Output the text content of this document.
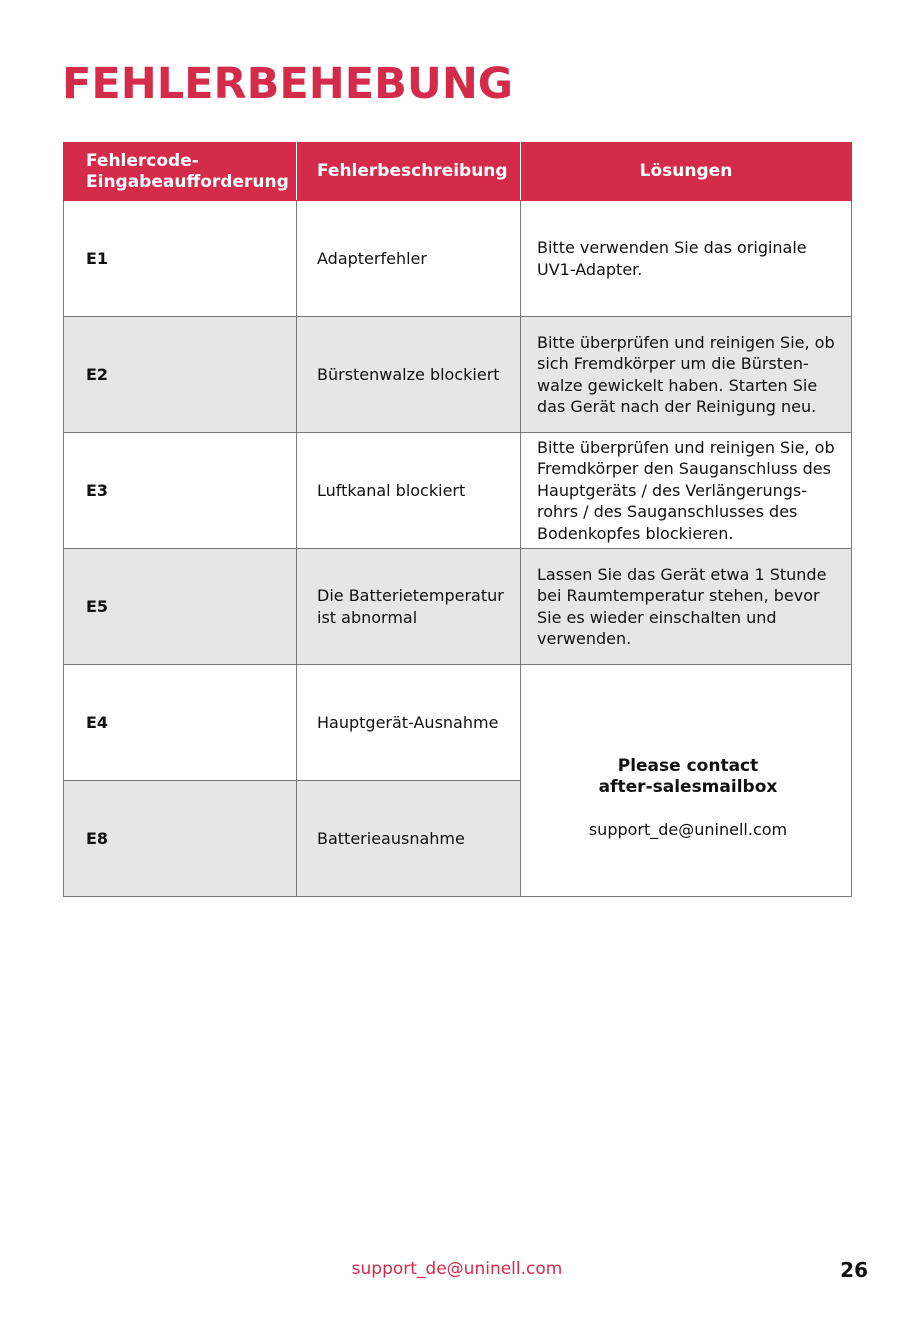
FEHLERBEHEBUNG
Fehlercode-
Eingabeaufforderung	Fehlerbeschreibung	Lösungen
E1	Adapterfehler	Bitte verwenden Sie das originale UV1-Adapter.
E2	Bürstenwalze blockiert	Bitte überprüfen und reinigen Sie, ob sich Fremdkörper um die Bürsten-walze gewickelt haben. Starten Sie das Gerät nach der Reinigung neu.
E3	Luftkanal blockiert	Bitte überprüfen und reinigen Sie, ob Fremdkörper den Sauganschluss des Hauptgeräts / des Verlängerungs-rohrs / des Sauganschlusses des Bodenkopfes blockieren.
E5	Die Batterietemperatur ist abnormal	Lassen Sie das Gerät etwa 1 Stunde bei Raumtemperatur stehen, bevor Sie es wieder einschalten und verwenden.
E4	Hauptgerät-Ausnahme	Please contact
after-salesmailbox
support_de@uninell.com

E8	Batterieausnahme	
support_de@uninell.com	26
